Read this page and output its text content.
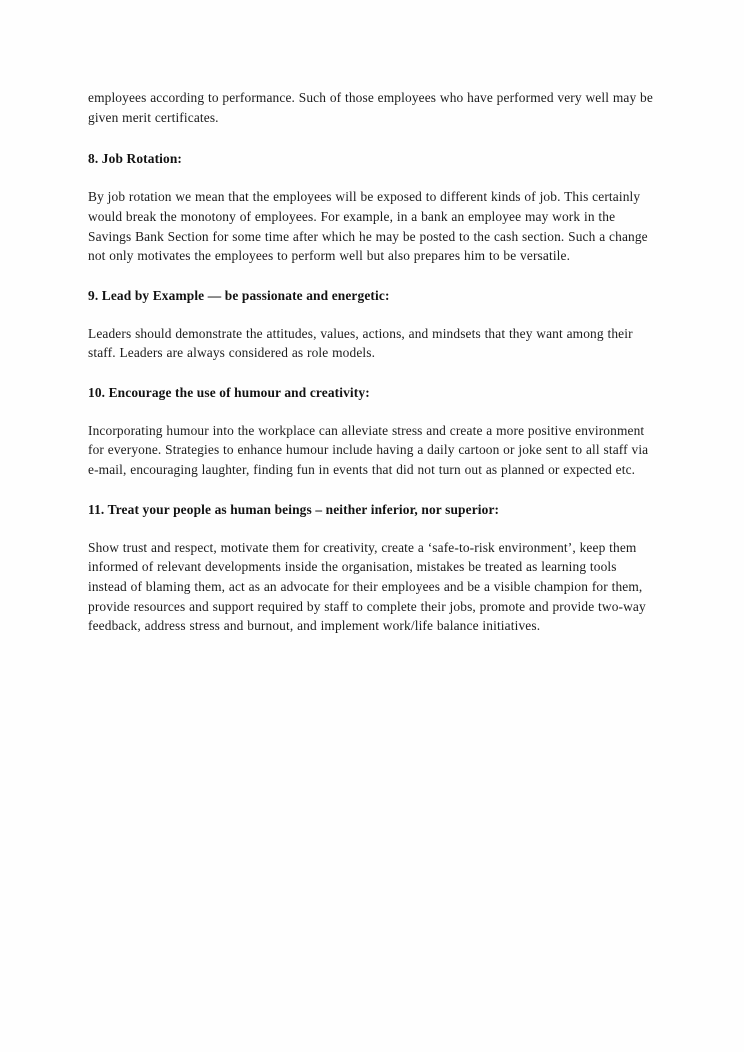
employees according to performance. Such of those employees who have performed very well may be given merit certificates.

8. Job Rotation:

By job rotation we mean that the employees will be exposed to different kinds of job. This certainly would break the monotony of employees. For example, in a bank an employee may work in the Savings Bank Section for some time after which he may be posted to the cash section. Such a change not only motivates the employees to perform well but also prepares him to be versatile.

9. Lead by Example — be passionate and energetic:

Leaders should demonstrate the attitudes, values, actions, and mindsets that they want among their staff. Leaders are always considered as role models.

10. Encourage the use of humour and creativity:

Incorporating humour into the workplace can alleviate stress and create a more positive environment for everyone. Strategies to enhance humour include having a daily cartoon or joke sent to all staff via e-mail, encouraging laughter, finding fun in events that did not turn out as planned or expected etc.

11. Treat your people as human beings – neither inferior, nor superior:

Show trust and respect, motivate them for creativity, create a ‘safe-to-risk environment’, keep them informed of relevant developments inside the organisation, mistakes be treated as learning tools instead of blaming them, act as an advocate for their employees and be a visible champion for them, provide resources and support required by staff to complete their jobs, promote and provide two-way feedback, address stress and burnout, and implement work/life balance initiatives.
